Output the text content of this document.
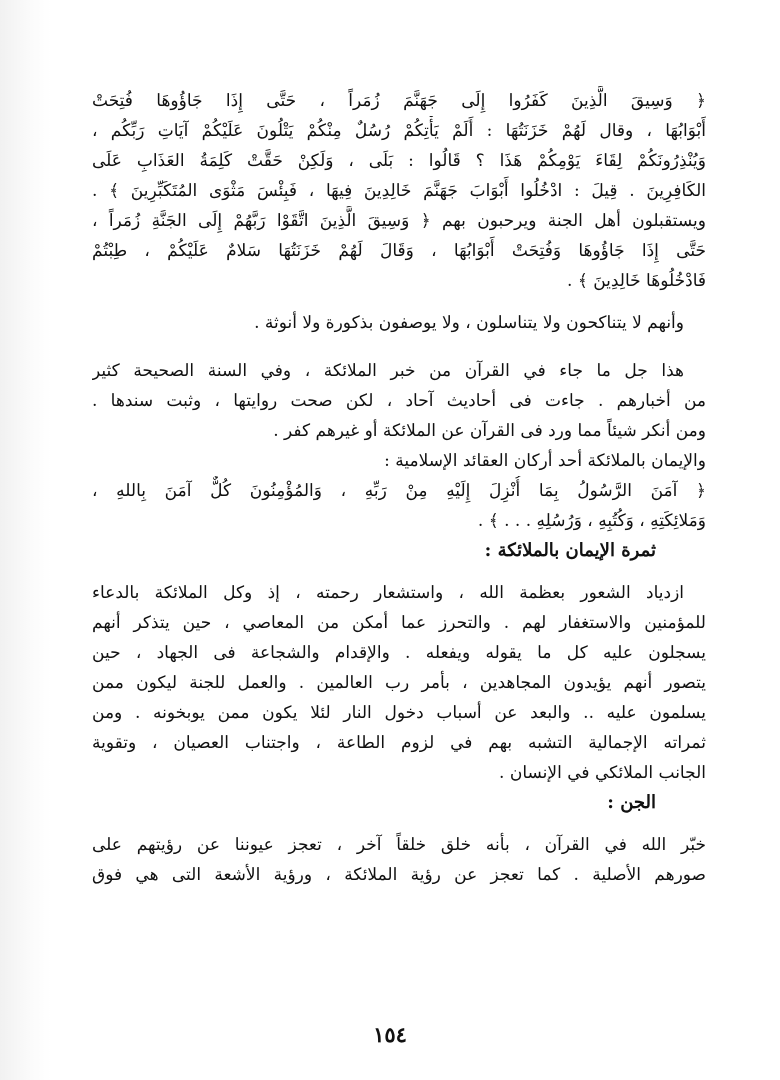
﴿ وَسِيقَ الَّذِينَ كَفَرُوا إِلَى جَهَنَّمَ زُمَراً ، حَتَّى إِذَا جَاؤُوهَا فُتِحَتْ
أَبْوَابُهَا ، وقال لَهُمْ خَزَنَتُهَا : أَلَمْ يَأْتِكُمْ رُسُلٌ مِنْكُمْ يَتْلُونَ عَلَيْكُمْ آيَاتِ رَبِّكُم ،
وَيُنْذِرُونَكُمْ لِقَاءَ يَوْمِكُمْ هَذَا ؟ قَالُوا : بَلَى ، وَلَكِنْ حَقَّتْ كَلِمَةُ العَذَابِ عَلَى
الكَافِرِينَ . قِيلَ : ادْخُلُوا أَبْوَابَ جَهَنَّمَ خَالِدِينَ فِيهَا ، فَبِئْسَ مَثْوَى المُتَكَبِّرِينَ ﴾ .
ويستقبلون أهل الجنة ويرحبون بهم ﴿ وَسِيقَ الَّذِينَ اتَّقَوْا رَبَّهُمْ إِلَى الجَنَّةِ زُمَراً ،
حَتَّى إِذَا جَاؤُوهَا وَفُتِحَتْ أَبْوَابُهَا ، وَقَالَ لَهُمْ خَزَنَتُهَا سَلامٌ عَلَيْكُمْ ، طِبْتُمْ
فَادْخُلُوهَا خَالِدِينَ ﴾ .
وأنهم لا يتناكحون ولا يتناسلون ، ولا يوصفون بذكورة ولا أنوثة .
هذا جل ما جاء في القرآن من خبر الملائكة ، وفي السنة الصحيحة كثير
من أخبارهم . جاءت فى أحاديث آحاد ، لكن صحت روايتها ، وثبت سندها .
ومن أنكر شيئاً مما ورد فى القرآن عن الملائكة أو غيرهم كفر .
والإيمان بالملائكة أحد أركان العقائد الإسلامية :
﴿ آمَنَ الرَّسُولُ بِمَا أُنْزِلَ إِلَيْهِ مِنْ رَبِّهِ ، وَالمُؤْمِنُونَ كُلٌّ آمَنَ بِاللهِ ،
وَمَلائِكَتِهِ ، وَكُتُبِهِ ، وَرُسُلِهِ . . . ﴾ .
ثمرة الإيمان بالملائكة :
ازدياد الشعور بعظمة الله ، واستشعار رحمته ، إذ وكل الملائكة بالدعاء
للمؤمنين والاستغفار لهم . والتحرز عما أمكن من المعاصي ، حين يتذكر أنهم
يسجلون عليه كل ما يقوله ويفعله . والإقدام والشجاعة فى الجهاد ، حين
يتصور أنهم يؤيدون المجاهدين ، بأمر رب العالمين . والعمل للجنة ليكون ممن
يسلمون عليه .. والبعد عن أسباب دخول النار لئلا يكون ممن يوبخونه . ومن
ثمراته الإجمالية التشبه بهم في لزوم الطاعة ، واجتناب العصيان ، وتقوية
الجانب الملائكي في الإنسان .
الجن :
خبّر الله في القرآن ، بأنه خلق خلقاً آخر ، تعجز عيوننا عن رؤيتهم على
صورهم الأصلية . كما تعجز عن رؤية الملائكة ، ورؤية الأشعة التى هي فوق
١٥٤
